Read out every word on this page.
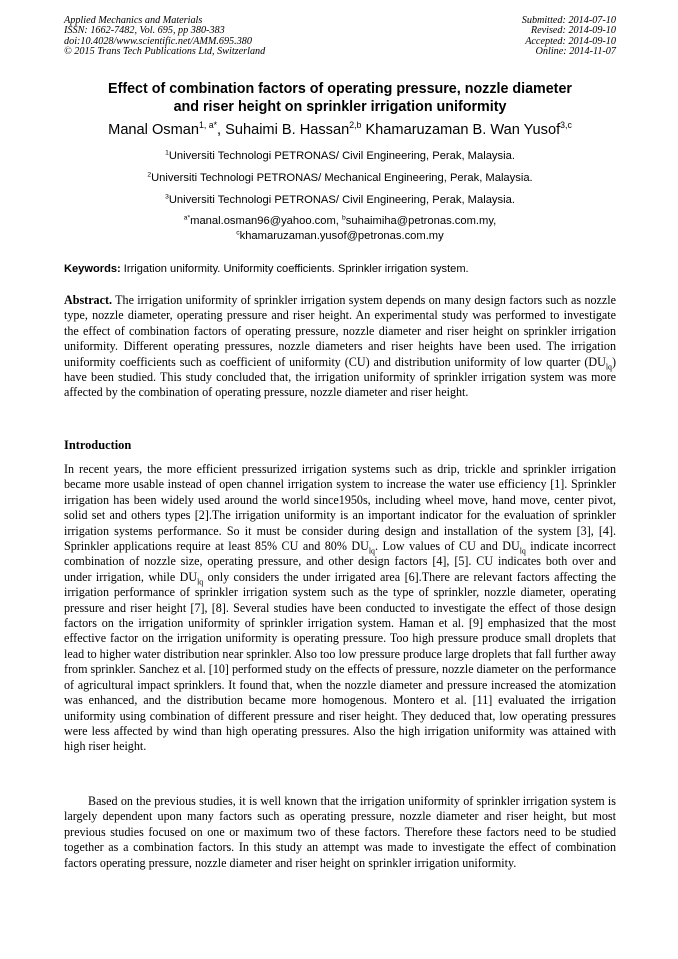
Applied Mechanics and Materials
ISSN: 1662-7482, Vol. 695, pp 380-383
doi:10.4028/www.scientific.net/AMM.695.380
© 2015 Trans Tech Publications Ltd, Switzerland
Submitted: 2014-07-10
Revised: 2014-09-10
Accepted: 2014-09-10
Online: 2014-11-07
Effect of combination factors of operating pressure, nozzle diameter
and riser height on sprinkler irrigation uniformity
Manal Osman$^{1, a*}$, Suhaimi B. Hassan$^{2,b}$ Khamaruzaman B. Wan Yusof$^{3,c}$
$^1$Universiti Technologi PETRONAS/ Civil Engineering, Perak, Malaysia.
$^2$Universiti Technologi PETRONAS/ Mechanical Engineering, Perak, Malaysia.
$^3$Universiti Technologi PETRONAS/ Civil Engineering, Perak, Malaysia.
$^{a*}$manal.osman96@yahoo.com, $^b$suhaimiha@petronas.com.my,
$^c$khamaruzaman.yusof@petronas.com.my
Keywords: Irrigation uniformity. Uniformity coefficients. Sprinkler irrigation system.
Abstract. The irrigation uniformity of sprinkler irrigation system depends on many design factors such as nozzle type, nozzle diameter, operating pressure and riser height. An experimental study was performed to investigate the effect of combination factors of operating pressure, nozzle diameter and riser height on sprinkler irrigation uniformity. Different operating pressures, nozzle diameters and riser heights have been used. The irrigation uniformity coefficients such as coefficient of uniformity (CU) and distribution uniformity of low quarter $(DU_{lq})$ have been studied. This study concluded that, the irrigation uniformity of sprinkler irrigation system was more affected by the combination of operating pressure, nozzle diameter and riser height.
Introduction
In recent years, the more efficient pressurized irrigation systems such as drip, trickle and sprinkler irrigation became more usable instead of open channel irrigation system to increase the water use efficiency [1]. Sprinkler irrigation has been widely used around the world since1950s, including wheel move, hand move, center pivot, solid set and others types [2].The irrigation uniformity is an important indicator for the evaluation of sprinkler irrigation systems performance. So it must be consider during design and installation of the system [3], [4]. Sprinkler applications require at least 85% CU and 80% $DU_{lq}$. Low values of CU and $DU_{lq}$ indicate incorrect combination of nozzle size, operating pressure, and other design factors [4], [5]. CU indicates both over and under irrigation, while $DU_{lq}$ only considers the under irrigated area [6].There are relevant factors affecting the irrigation performance of sprinkler irrigation system such as the type of sprinkler, nozzle diameter, operating pressure and riser height [7], [8]. Several studies have been conducted to investigate the effect of those design factors on the irrigation uniformity of sprinkler irrigation system. Haman et al. [9] emphasized that the most effective factor on the irrigation uniformity is operating pressure. Too high pressure produce small droplets that lead to higher water distribution near sprinkler. Also too low pressure produce large droplets that fall further away from sprinkler. Sanchez et al. [10] performed study on the effects of pressure, nozzle diameter on the performance of agricultural impact sprinklers. It found that, when the nozzle diameter and pressure increased the atomization was enhanced, and the distribution became more homogenous. Montero et al. [11] evaluated the irrigation uniformity using combination of different pressure and riser height. They deduced that, low operating pressures were less affected by wind than high operating pressures. Also the high irrigation uniformity was attained with high riser height.
Based on the previous studies, it is well known that the irrigation uniformity of sprinkler irrigation system is largely dependent upon many factors such as operating pressure, nozzle diameter and riser height, but most previous studies focused on one or maximum two of these factors. Therefore these factors need to be studied together as a combination factors. In this study an attempt was made to investigate the effect of combination factors operating pressure, nozzle diameter and riser height on sprinkler irrigation uniformity.
